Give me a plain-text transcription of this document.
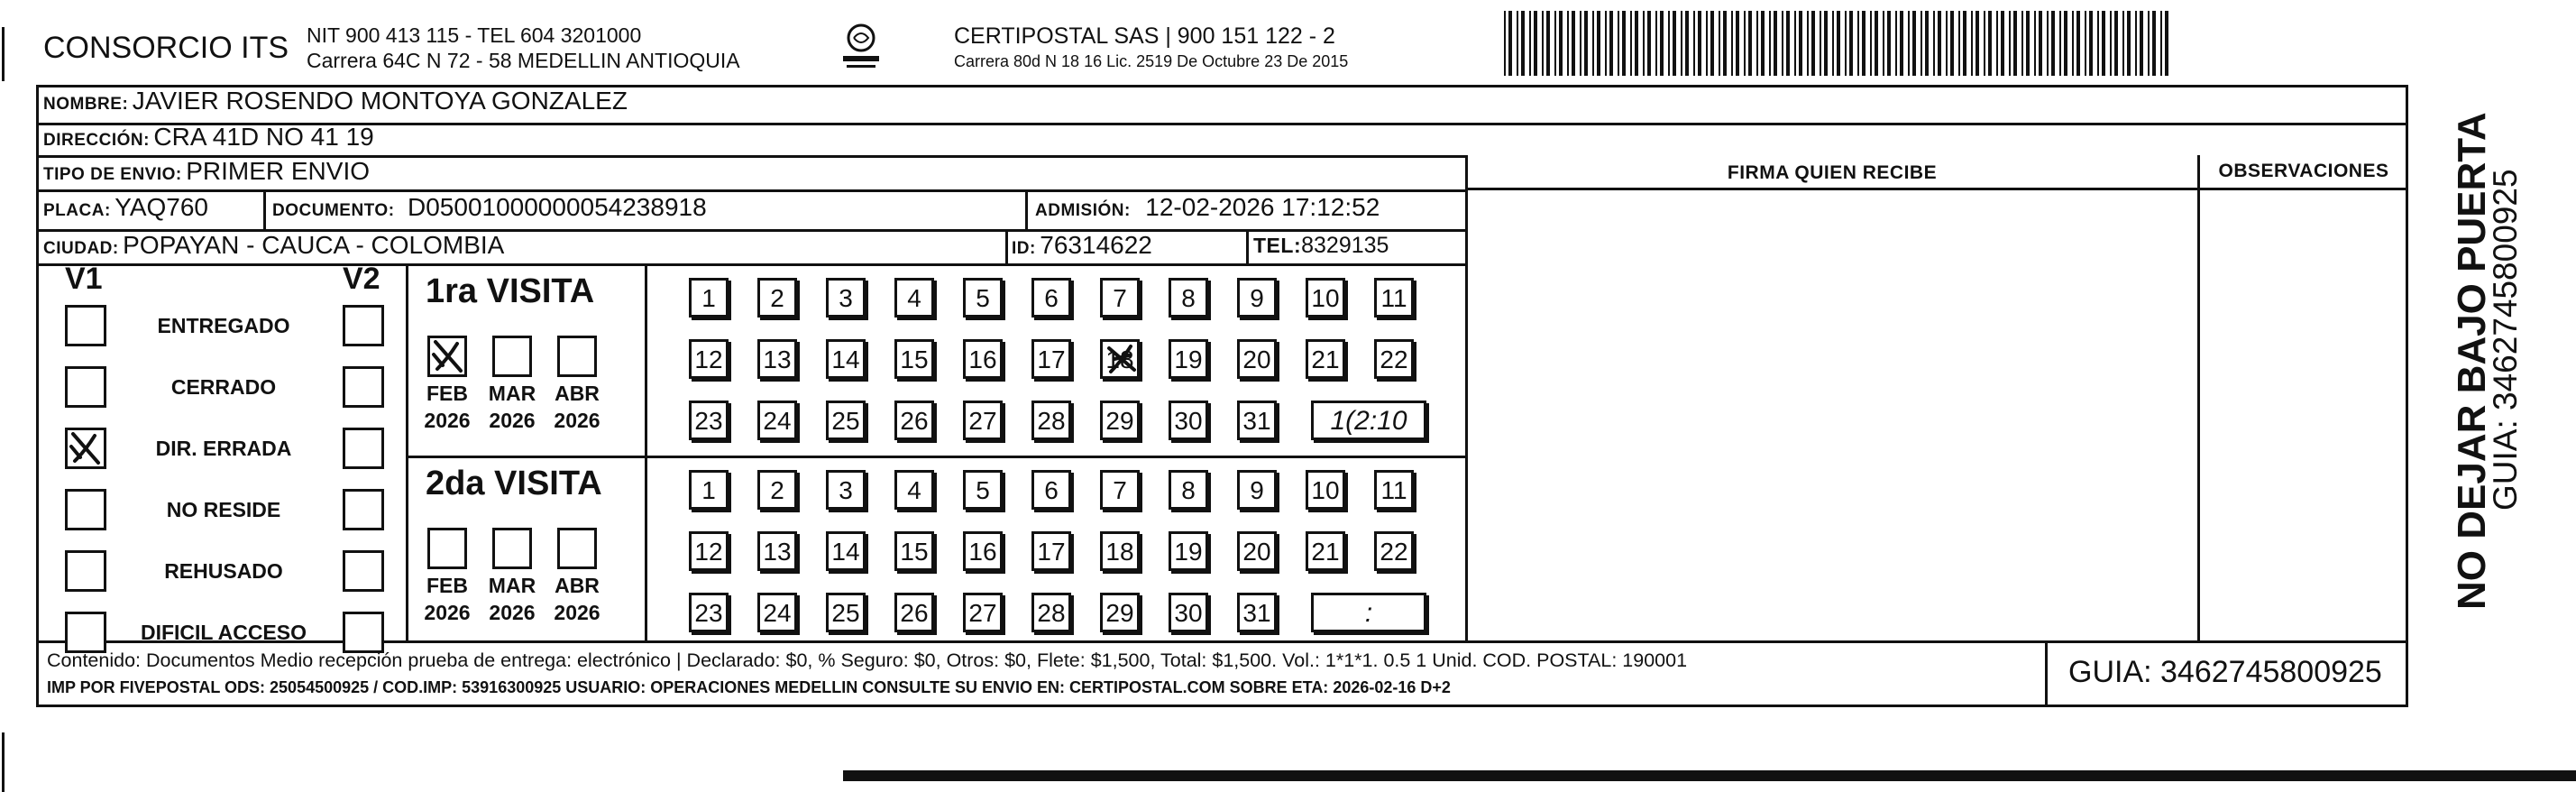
CONSORCIO ITS NIT 900 413 115 - TEL 604 3201000
Carrera 64C N 72 - 58 MEDELLIN ANTIOQUIA
CERTIPOSTAL SAS | 900 151 122 - 2
Carrera 80d N 18 16 Lic. 2519 De Octubre 23 De 2015
NOMBRE: JAVIER ROSENDO MONTOYA GONZALEZ
DIRECCIÓN: CRA 41D NO 41 19
TIPO DE ENVIO: PRIMER ENVIO
PLACA: YAQ760	DOCUMENTO: D05001000000054238918	ADMISIÓN: 12-02-2026 17:12:52
CIUDAD: POPAYAN - CAUCA - COLOMBIA	ID: 76314622	TEL:8329135
FIRMA QUIEN RECIBE	OBSERVACIONES
V1	V2
ENTREGADO
CERRADO
DIR. ERRADA
NO RESIDE
REHUSADO
DIFICIL ACCESO
1ra VISITA
FEB
2026
MAR
2026
ABR
2026
1	2	3	4	5	6	7	8	9	10 11
12 13 14 15 16 17 18 19 20 21 22
23 24 25 26 27 28 29 30 31	1(2:10
2da VISITA
FEB
2026
MAR
2026
ABR
2026
1	2	3	4	5	6	7	8	9	10 11
12 13 14 15 16 17 18 19 20 21 22
23 24 25 26 27 28 29 30 31	:
Contenido: Documentos Medio recepción prueba de entrega: electrónico | Declarado: $0, % Seguro: $0, Otros: $0, Flete: $1,500, Total: $1,500. Vol.: 1*1*1. 0.5 1 Unid. COD. POSTAL: 190001
IMP POR FIVEPOSTAL ODS: 25054500925 / COD.IMP: 53916300925 USUARIO: OPERACIONES MEDELLIN CONSULTE SU ENVIO EN: CERTIPOSTAL.COM SOBRE ETA: 2026-02-16 D+2	GUIA: 3462745800925
NO DEJAR BAJO PUERTA
GUIA: 3462745800925
